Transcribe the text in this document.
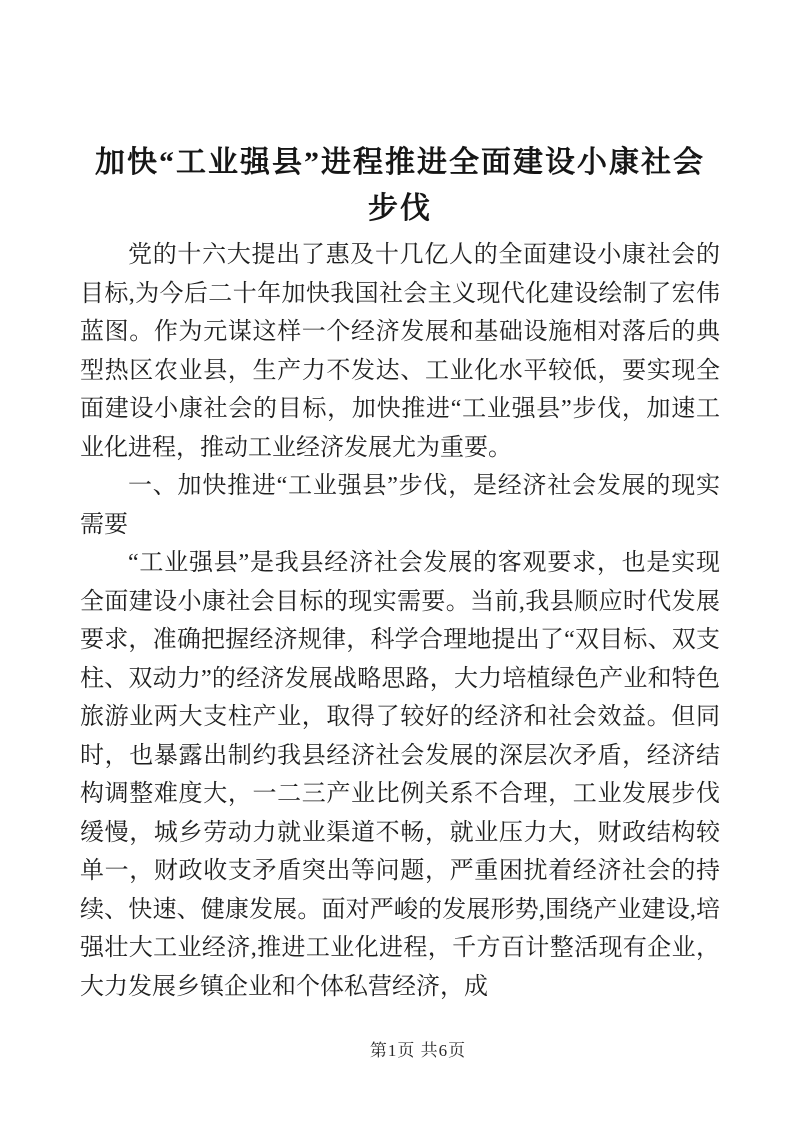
加快“工业强县”进程推进全面建设小康社会
步伐

党的十六大提出了惠及十几亿人的全面建设小康社会的目标,为今后二十年加快我国社会主义现代化建设绘制了宏伟蓝图。作为元谋这样一个经济发展和基础设施相对落后的典型热区农业县，生产力不发达、工业化水平较低，要实现全面建设小康社会的目标，加快推进“工业强县”步伐，加速工业化进程，推动工业经济发展尤为重要。

一、加快推进“工业强县”步伐，是经济社会发展的现实需要

“工业强县”是我县经济社会发展的客观要求，也是实现全面建设小康社会目标的现实需要。当前,我县顺应时代发展要求，准确把握经济规律，科学合理地提出了“双目标、双支柱、双动力”的经济发展战略思路，大力培植绿色产业和特色旅游业两大支柱产业，取得了较好的经济和社会效益。但同时，也暴露出制约我县经济社会发展的深层次矛盾，经济结构调整难度大，一二三产业比例关系不合理，工业发展步伐缓慢，城乡劳动力就业渠道不畅，就业压力大，财政结构较单一，财政收支矛盾突出等问题，严重困扰着经济社会的持续、快速、健康发展。面对严峻的发展形势,围绕产业建设,培强壮大工业经济,推进工业化进程，千方百计整活现有企业，大力发展乡镇企业和个体私营经济，成

第1页 共6页
